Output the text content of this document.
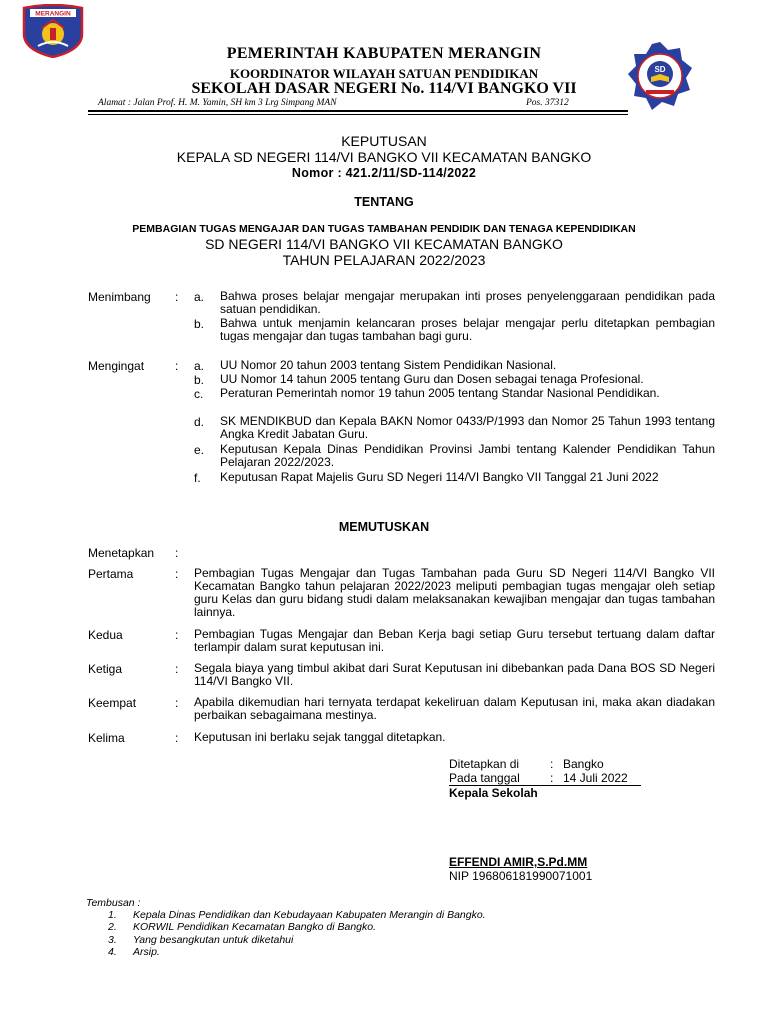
MERANGIN
SD
PEMERINTAH KABUPATEN MERANGIN
KOORDINATOR WILAYAH SATUAN PENDIDIKAN
SEKOLAH DASAR NEGERI No. 114/VI BANGKO VII
Alamat : Jalan Prof. H. M. Yamin, SH km 3 Lrg Simpang MAN	Pos. 37312
KEPUTUSAN
KEPALA SD NEGERI 114/VI BANGKO VII KECAMATAN BANGKO
Nomor : 421.2/11/SD-114/2022
TENTANG
PEMBAGIAN TUGAS MENGAJAR DAN TUGAS TAMBAHAN PENDIDIK DAN TENAGA KEPENDIDIKAN
SD NEGERI 114/VI BANGKO VII KECAMATAN BANGKO
TAHUN PELAJARAN 2022/2023
Menimbang : a. Bahwa proses belajar mengajar merupakan inti proses penyelenggaraan pendidikan pada satuan pendidikan.
b. Bahwa untuk menjamin kelancaran proses belajar mengajar perlu ditetapkan pembagian tugas mengajar dan tugas tambahan bagi guru.
Mengingat	: a. UU Nomor 20 tahun 2003 tentang Sistem Pendidikan Nasional.
b. UU Nomor 14 tahun 2005 tentang Guru dan Dosen sebagai tenaga Profesional.
c. Peraturan Pemerintah nomor 19 tahun 2005 tentang Standar Nasional Pendidikan.
d. SK MENDIKBUD dan Kepala BAKN Nomor 0433/P/1993 dan Nomor 25 Tahun 1993 tentang Angka Kredit Jabatan Guru.
e. Keputusan Kepala Dinas Pendidikan Provinsi Jambi tentang Kalender Pendidikan Tahun Pelajaran 2022/2023.
f. Keputusan Rapat Majelis Guru SD Negeri 114/VI Bangko VII Tanggal 21 Juni 2022
MEMUTUSKAN
Menetapkan :
Pertama	: Pembagian Tugas Mengajar dan Tugas Tambahan pada Guru SD Negeri 114/VI Bangko VII Kecamatan Bangko tahun pelajaran 2022/2023 meliputi pembagian tugas mengajar oleh setiap guru Kelas dan guru bidang studi dalam melaksanakan kewajiban mengajar dan tugas tambahan lainnya.
Kedua	: Pembagian Tugas Mengajar dan Beban Kerja bagi setiap Guru tersebut tertuang dalam daftar terlampir dalam surat keputusan ini.
Ketiga	: Segala biaya yang timbul akibat dari Surat Keputusan ini dibebankan pada Dana BOS SD Negeri 114/VI Bangko VII.
Keempat	: Apabila dikemudian hari ternyata terdapat kekeliruan dalam Keputusan ini, maka akan diadakan perbaikan sebagaimana mestinya.
Kelima	: Keputusan ini berlaku sejak tanggal ditetapkan.
Ditetapkan di	: Bangko
Pada tanggal	: 14 Juli 2022
Kepala Sekolah
EFFENDI AMIR,S.Pd.MM
NIP 196806181990071001
Tembusan :
1. Kepala Dinas Pendidikan dan Kebudayaan Kabupaten Merangin di Bangko.
2. KORWIL Pendidikan Kecamatan Bangko di Bangko.
3. Yang besangkutan untuk diketahui
4. Arsip.
